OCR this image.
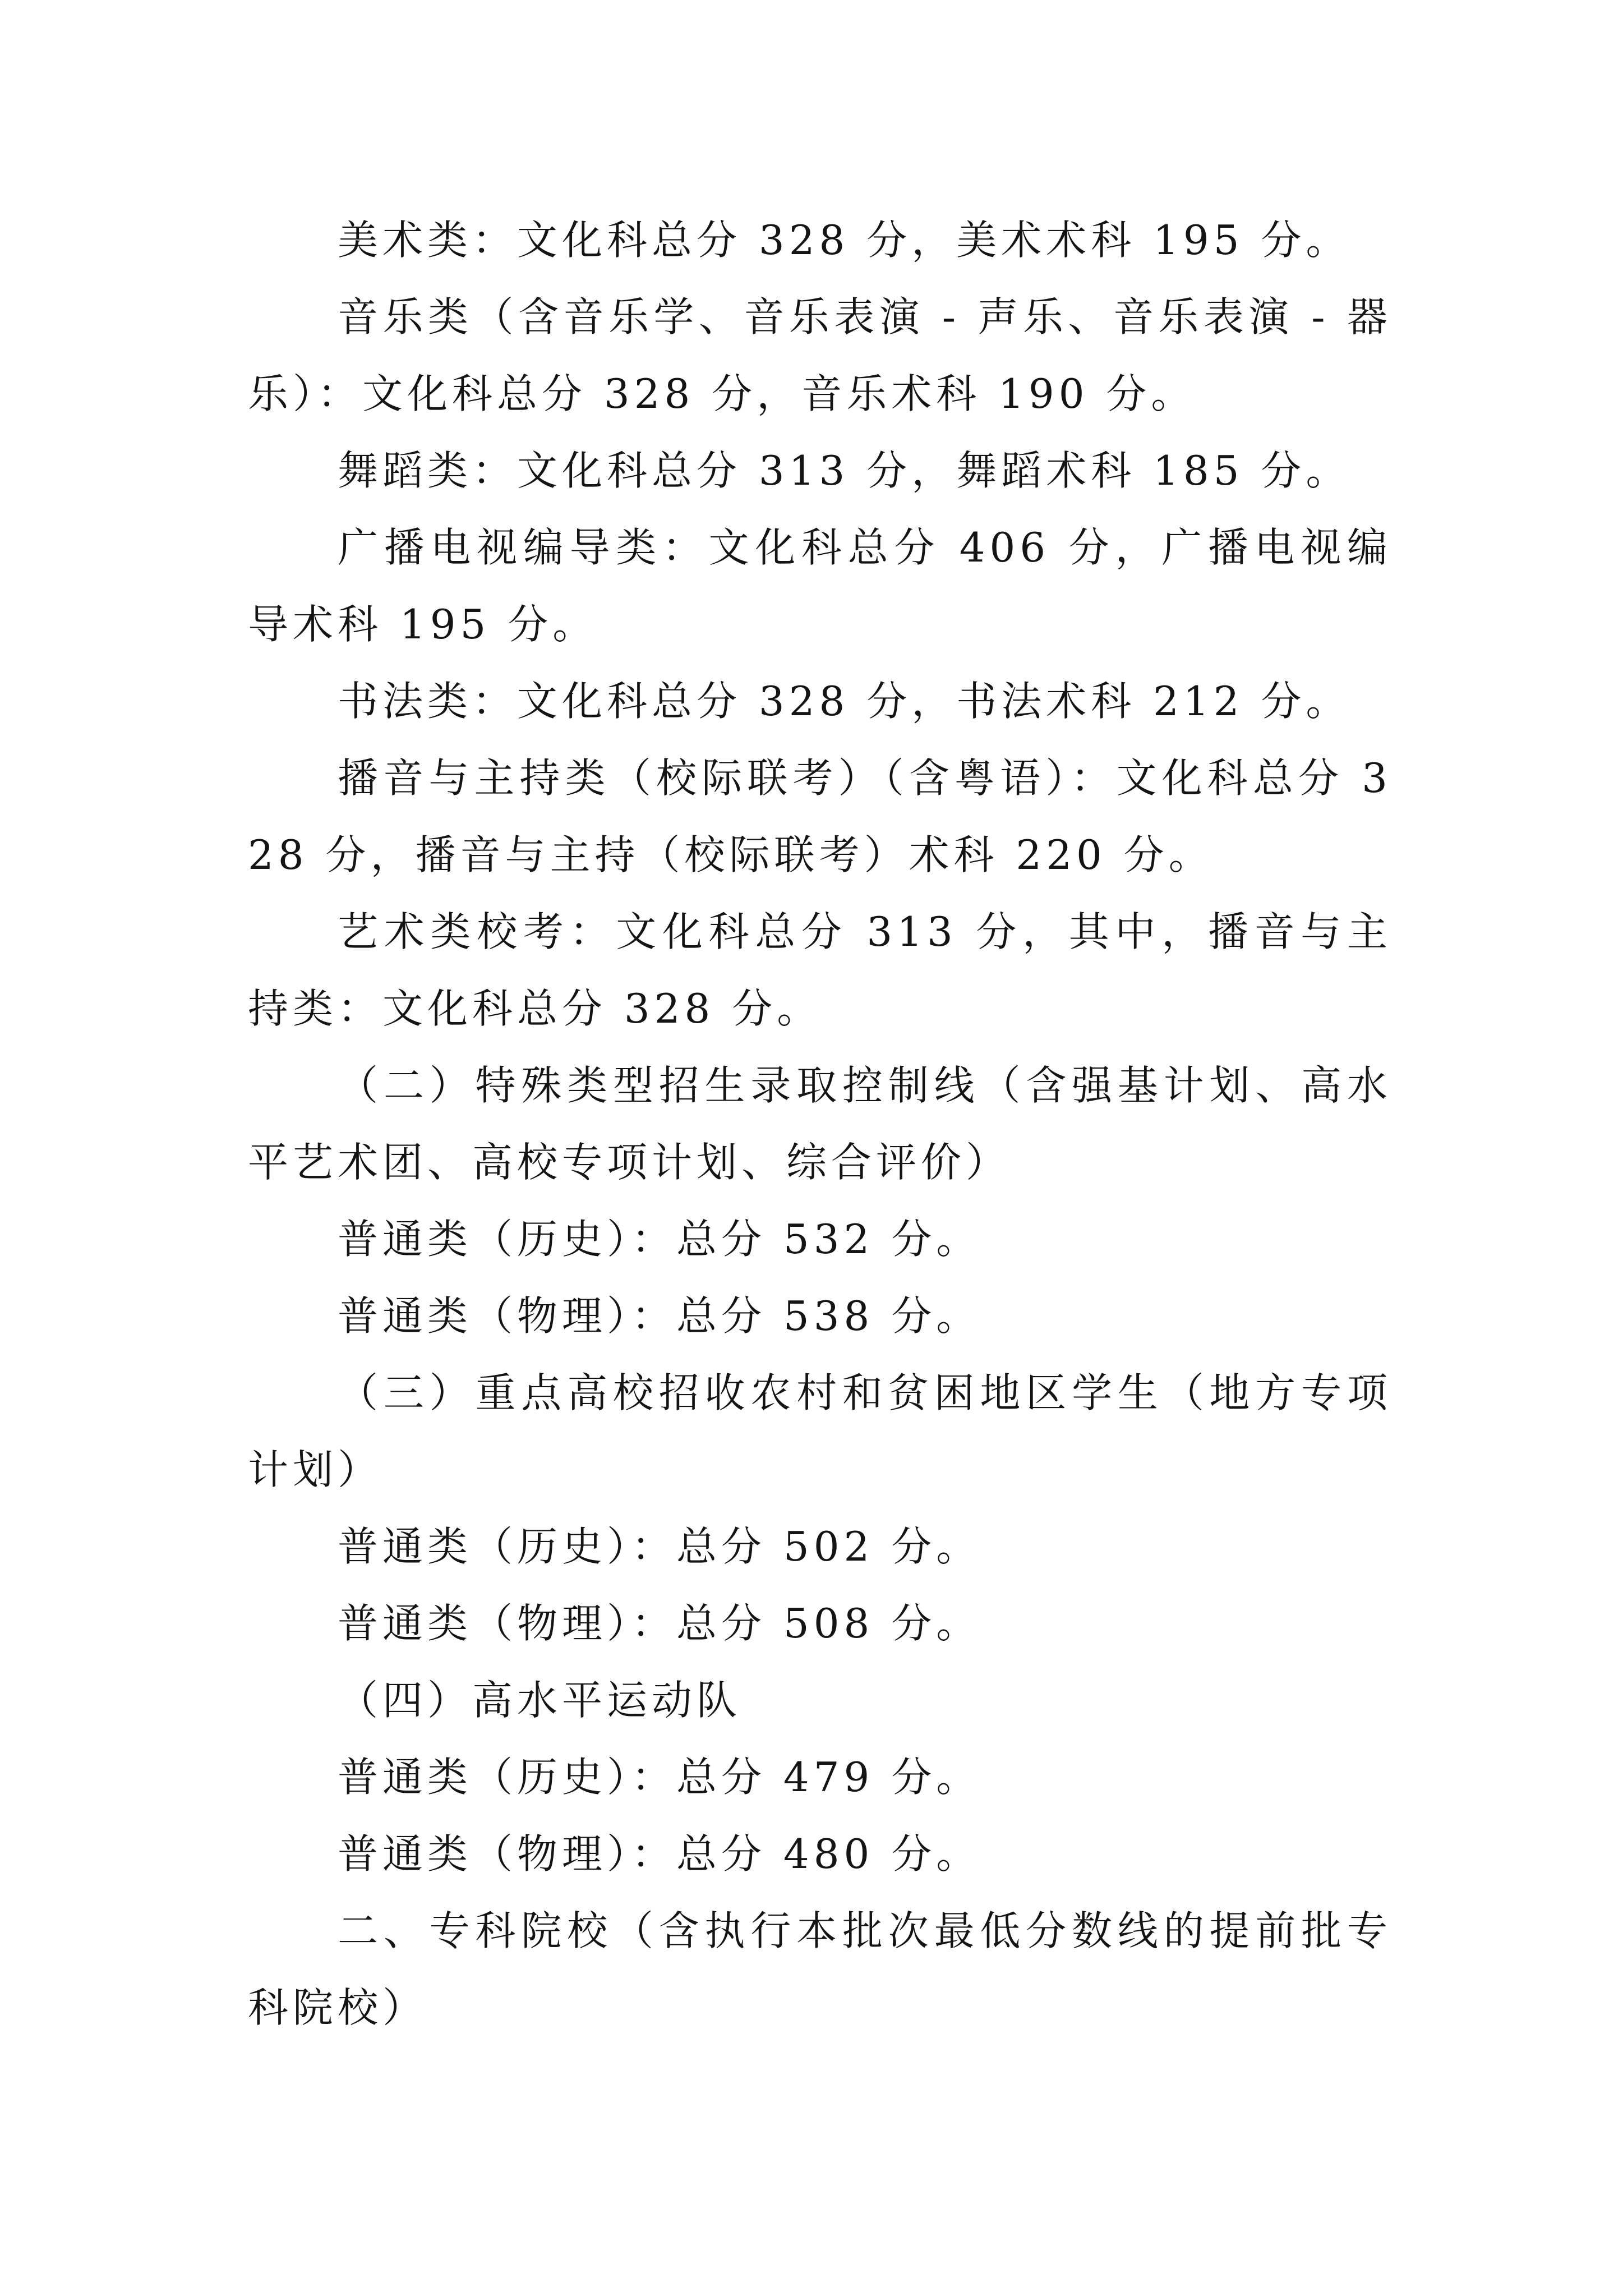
美术类：文化科总分 328 分，美术术科 195 分。

音乐类（含音乐学、音乐表演 - 声乐、音乐表演 - 器乐）：文化科总分 328 分，音乐术科 190 分。

舞蹈类：文化科总分 313 分，舞蹈术科 185 分。

广播电视编导类：文化科总分 406 分，广播电视编导术科 195 分。

书法类：文化科总分 328 分，书法术科 212 分。

播音与主持类（校际联考）（含粤语）：文化科总分 328 分，播音与主持（校际联考）术科 220 分。

艺术类校考：文化科总分 313 分，其中，播音与主持类：文化科总分 328 分。

（二）特殊类型招生录取控制线（含强基计划、高水平艺术团、高校专项计划、综合评价）

普通类（历史）：总分 532 分。

普通类（物理）：总分 538 分。

（三）重点高校招收农村和贫困地区学生（地方专项计划）

普通类（历史）：总分 502 分。

普通类（物理）：总分 508 分。

（四）高水平运动队

普通类（历史）：总分 479 分。

普通类（物理）：总分 480 分。

二、专科院校（含执行本批次最低分数线的提前批专科院校）
